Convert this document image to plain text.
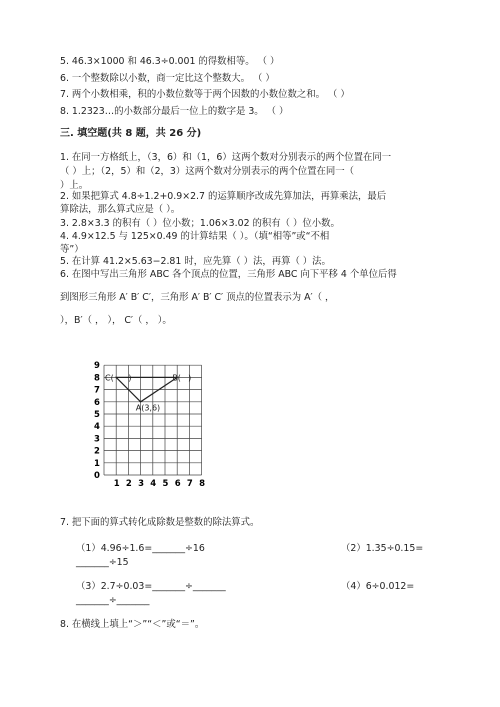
5. 46.3×1000 和 46.3÷0.001 的得数相等。 （ ）
6. 一个整数除以小数，商一定比这个整数大。 （ ）
7. 两个小数相乘，积的小数位数等于两个因数的小数位数之和。 （ ）
8. 1.2323…的小数部分最后一位上的数字是 3。 （ ）
三. 填空题(共 8 题，共 26 分)
1. 在同一方格纸上，（3，6）和（1，6）这两个数对分别表示的两个位置在同一
（ ）上；（2，5）和（2，3）这两个数对分别表示的两个位置在同一（
）上。
2. 如果把算式 4.8÷1.2+0.9×2.7 的运算顺序改成先算加法，再算乘法，最后
算除法，那么算式应是（ ）。
3. 2.8×3.3 的积有（ ）位小数；1.06×3.02 的积有（ ）位小数。
4. 4.9×12.5 与 125×0.49 的计算结果（ ）。（填“相等”或“不相
等”）
5. 在计算 41.2×5.63−2.81 时，应先算（ ）法，再算（ ）法。
6. 在图中写出三角形 ABC 各个顶点的位置，三角形 ABC 向下平移 4 个单位后得
到图形三角形 A′ B′ C′，三角形 A′ B′ C′ 顶点的位置表示为 A′（ ，
），B′（ ， ）， C′（ ， ）。
0
1
2
3
4
5
6
7
8
9
1 2 3 4 5 6 7 8
A(3,6)
B( )
C( )
7. 把下面的算式转化成除数是整数的除法算式。
（1）4.96÷1.6=_______÷16	（2）1.35÷0.15=
_______÷15
（3）2.7÷0.03=_______÷_______	（4）6÷0.012=
_______÷_______
8. 在横线上填上“＞”“＜”或“＝”。
